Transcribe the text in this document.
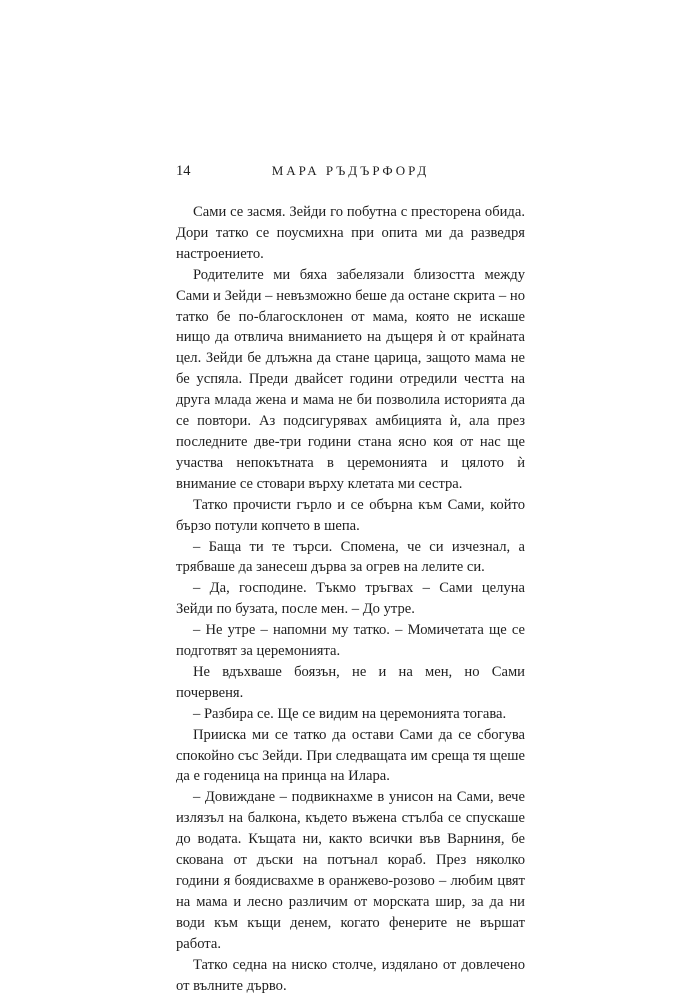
14	МАРА РЪДЪРФОРД

Сами се засмя. Зейди го побутна с престорена обида. Дори татко се поусмихна при опита ми да разведря настроението.

Родителите ми бяха забелязали близостта между Сами и Зейди – невъзможно беше да остане скрита – но татко бе по-благосклонен от мама, която не искаше нищо да отвлича вниманието на дъщеря ѝ от крайната цел. Зейди бе длъжна да стане царица, защото мама не бе успяла. Преди двайсет години отредили честта на друга млада жена и мама не би позволила историята да се повтори. Аз подсигурявах амбицията ѝ, ала през последните две-три години стана ясно коя от нас ще участва непокътната в церемонията и цялото ѝ внимание се стовари върху клетата ми сестра.

Татко прочисти гърло и се обърна към Сами, който бързо потули копчето в шепа.

– Баща ти те търси. Спомена, че си изчезнал, а трябваше да занесеш дърва за огрев на лелите си.

– Да, господине. Тъкмо тръгвах – Сами целуна Зейди по бузата, после мен. – До утре.

– Не утре – напомни му татко. – Момичетата ще се подготвят за церемонията.

Не вдъхваше боязън, не и на мен, но Сами почервеня.

– Разбира се. Ще се видим на церемонията тогава.

Прииска ми се татко да остави Сами да се сбогува спокойно със Зейди. При следващата им среща тя щеше да е годеница на принца на Илара.

– Довиждане – подвикнахме в унисон на Сами, вече излязъл на балкона, където въжена стълба се спускаше до водата. Къщата ни, както всички във Варниня, бе скована от дъски на потънал кораб. През няколко години я боядисвахме в оранжево-розово – любим цвят на мама и лесно различим от морската шир, за да ни води към къщи денем, когато фенерите не вършат работа.

Татко седна на ниско столче, издялано от довлечено от вълните дърво.
